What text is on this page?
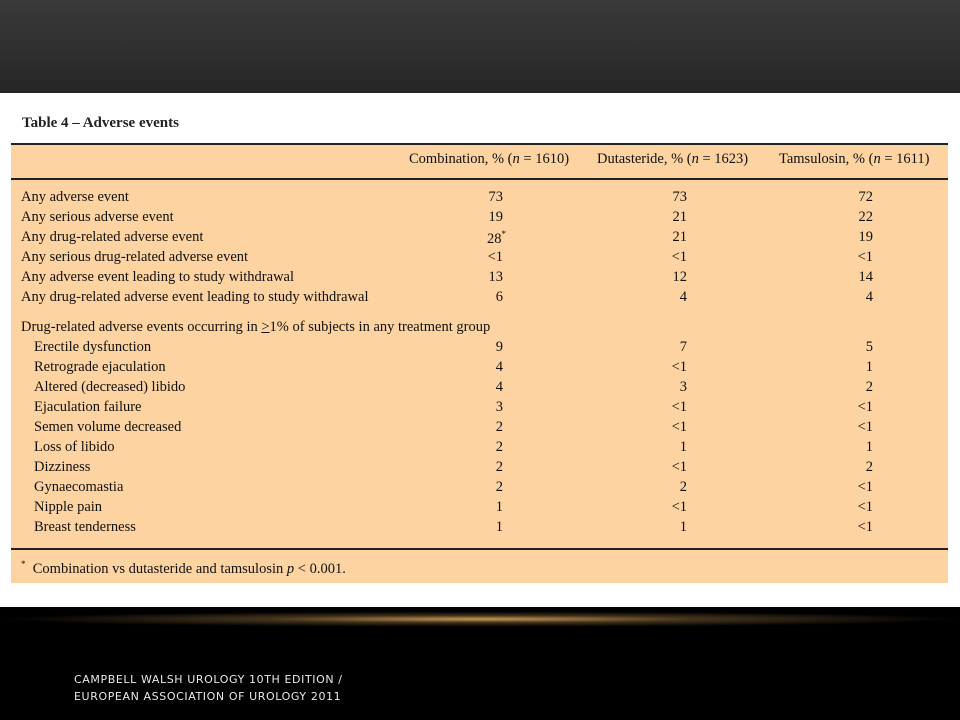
Table 4 – Adverse events
Combination, % (n = 1610) Dutasteride, % (n = 1623) Tamsulosin, % (n = 1611)
Any adverse event	73	73	72
Any serious adverse event	19	21	22
Any drug-related adverse event	28*	21	19
Any serious drug-related adverse event	<1	<1	<1
Any adverse event leading to study withdrawal	13	12	14
Any drug-related adverse event leading to study withdrawal	6	4	4
Drug-related adverse events occurring in ≥1% of subjects in any treatment group
Erectile dysfunction	9	7	5
Retrograde ejaculation	4	<1	1
Altered (decreased) libido	4	3	2
Ejaculation failure	3	<1	<1
Semen volume decreased	2	<1	<1
Loss of libido	2	1	1
Dizziness	2	<1	2
Gynaecomastia	2	2	<1
Nipple pain	1	<1	<1
Breast tenderness	1	1	<1
* Combination vs dutasteride and tamsulosin p < 0.001.
CAMPBELL WALSH UROLOGY 10TH EDITION /
EUROPEAN ASSOCIATION OF UROLOGY 2011
